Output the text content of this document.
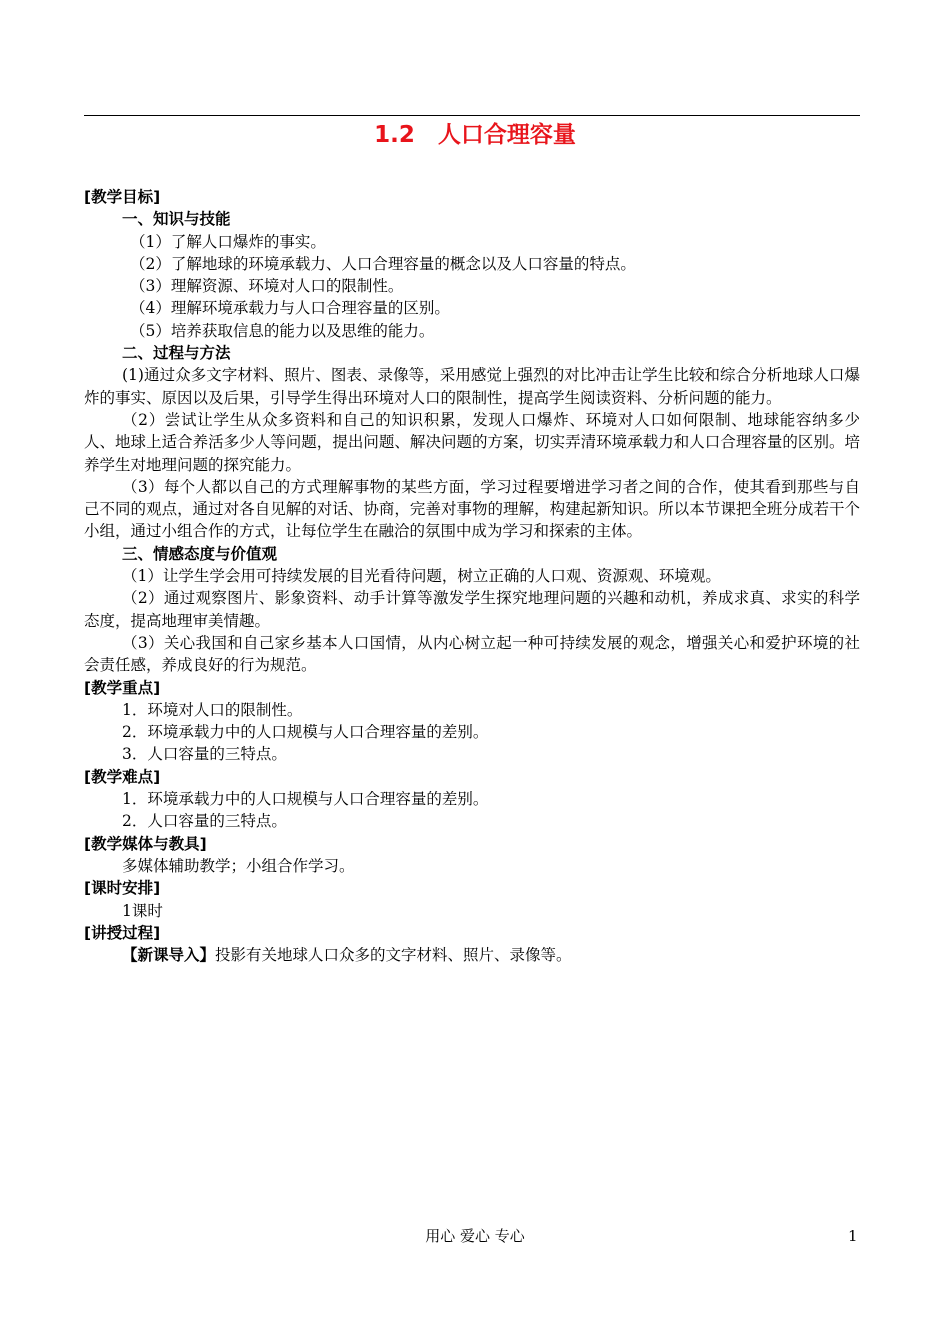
1.2　人口合理容量

[教学目标]

一、知识与技能

（1）了解人口爆炸的事实。

（2）了解地球的环境承载力、人口合理容量的概念以及人口容量的特点。

（3）理解资源、环境对人口的限制性。

（4）理解环境承载力与人口合理容量的区别。

（5）培养获取信息的能力以及思维的能力。

二、过程与方法

(1)通过众多文字材料、照片、图表、录像等，采用感觉上强烈的对比冲击让学生比较和综合分析地球人口爆炸的事实、原因以及后果，引导学生得出环境对人口的限制性，提高学生阅读资料、分析问题的能力。

（2）尝试让学生从众多资料和自己的知识积累，发现人口爆炸、环境对人口如何限制、地球能容纳多少人、地球上适合养活多少人等问题，提出问题、解决问题的方案，切实弄清环境承载力和人口合理容量的区别。培养学生对地理问题的探究能力。

（3）每个人都以自己的方式理解事物的某些方面，学习过程要增进学习者之间的合作，使其看到那些与自己不同的观点，通过对各自见解的对话、协商，完善对事物的理解，构建起新知识。所以本节课把全班分成若干个小组，通过小组合作的方式，让每位学生在融洽的氛围中成为学习和探索的主体。

三、情感态度与价值观

（1）让学生学会用可持续发展的目光看待问题，树立正确的人口观、资源观、环境观。

（2）通过观察图片、影象资料、动手计算等激发学生探究地理问题的兴趣和动机，养成求真、求实的科学态度，提高地理审美情趣。

（3）关心我国和自己家乡基本人口国情，从内心树立起一种可持续发展的观念，增强关心和爱护环境的社会责任感，养成良好的行为规范。

[教学重点]

1．环境对人口的限制性。

2．环境承载力中的人口规模与人口合理容量的差别。

3．人口容量的三特点。

[教学难点]

1．环境承载力中的人口规模与人口合理容量的差别。

2．人口容量的三特点。

[教学媒体与教具]

多媒体辅助教学；小组合作学习。

[课时安排]

1课时

[讲授过程]

【新课导入】投影有关地球人口众多的文字材料、照片、录像等。

用心 爱心 专心	1
